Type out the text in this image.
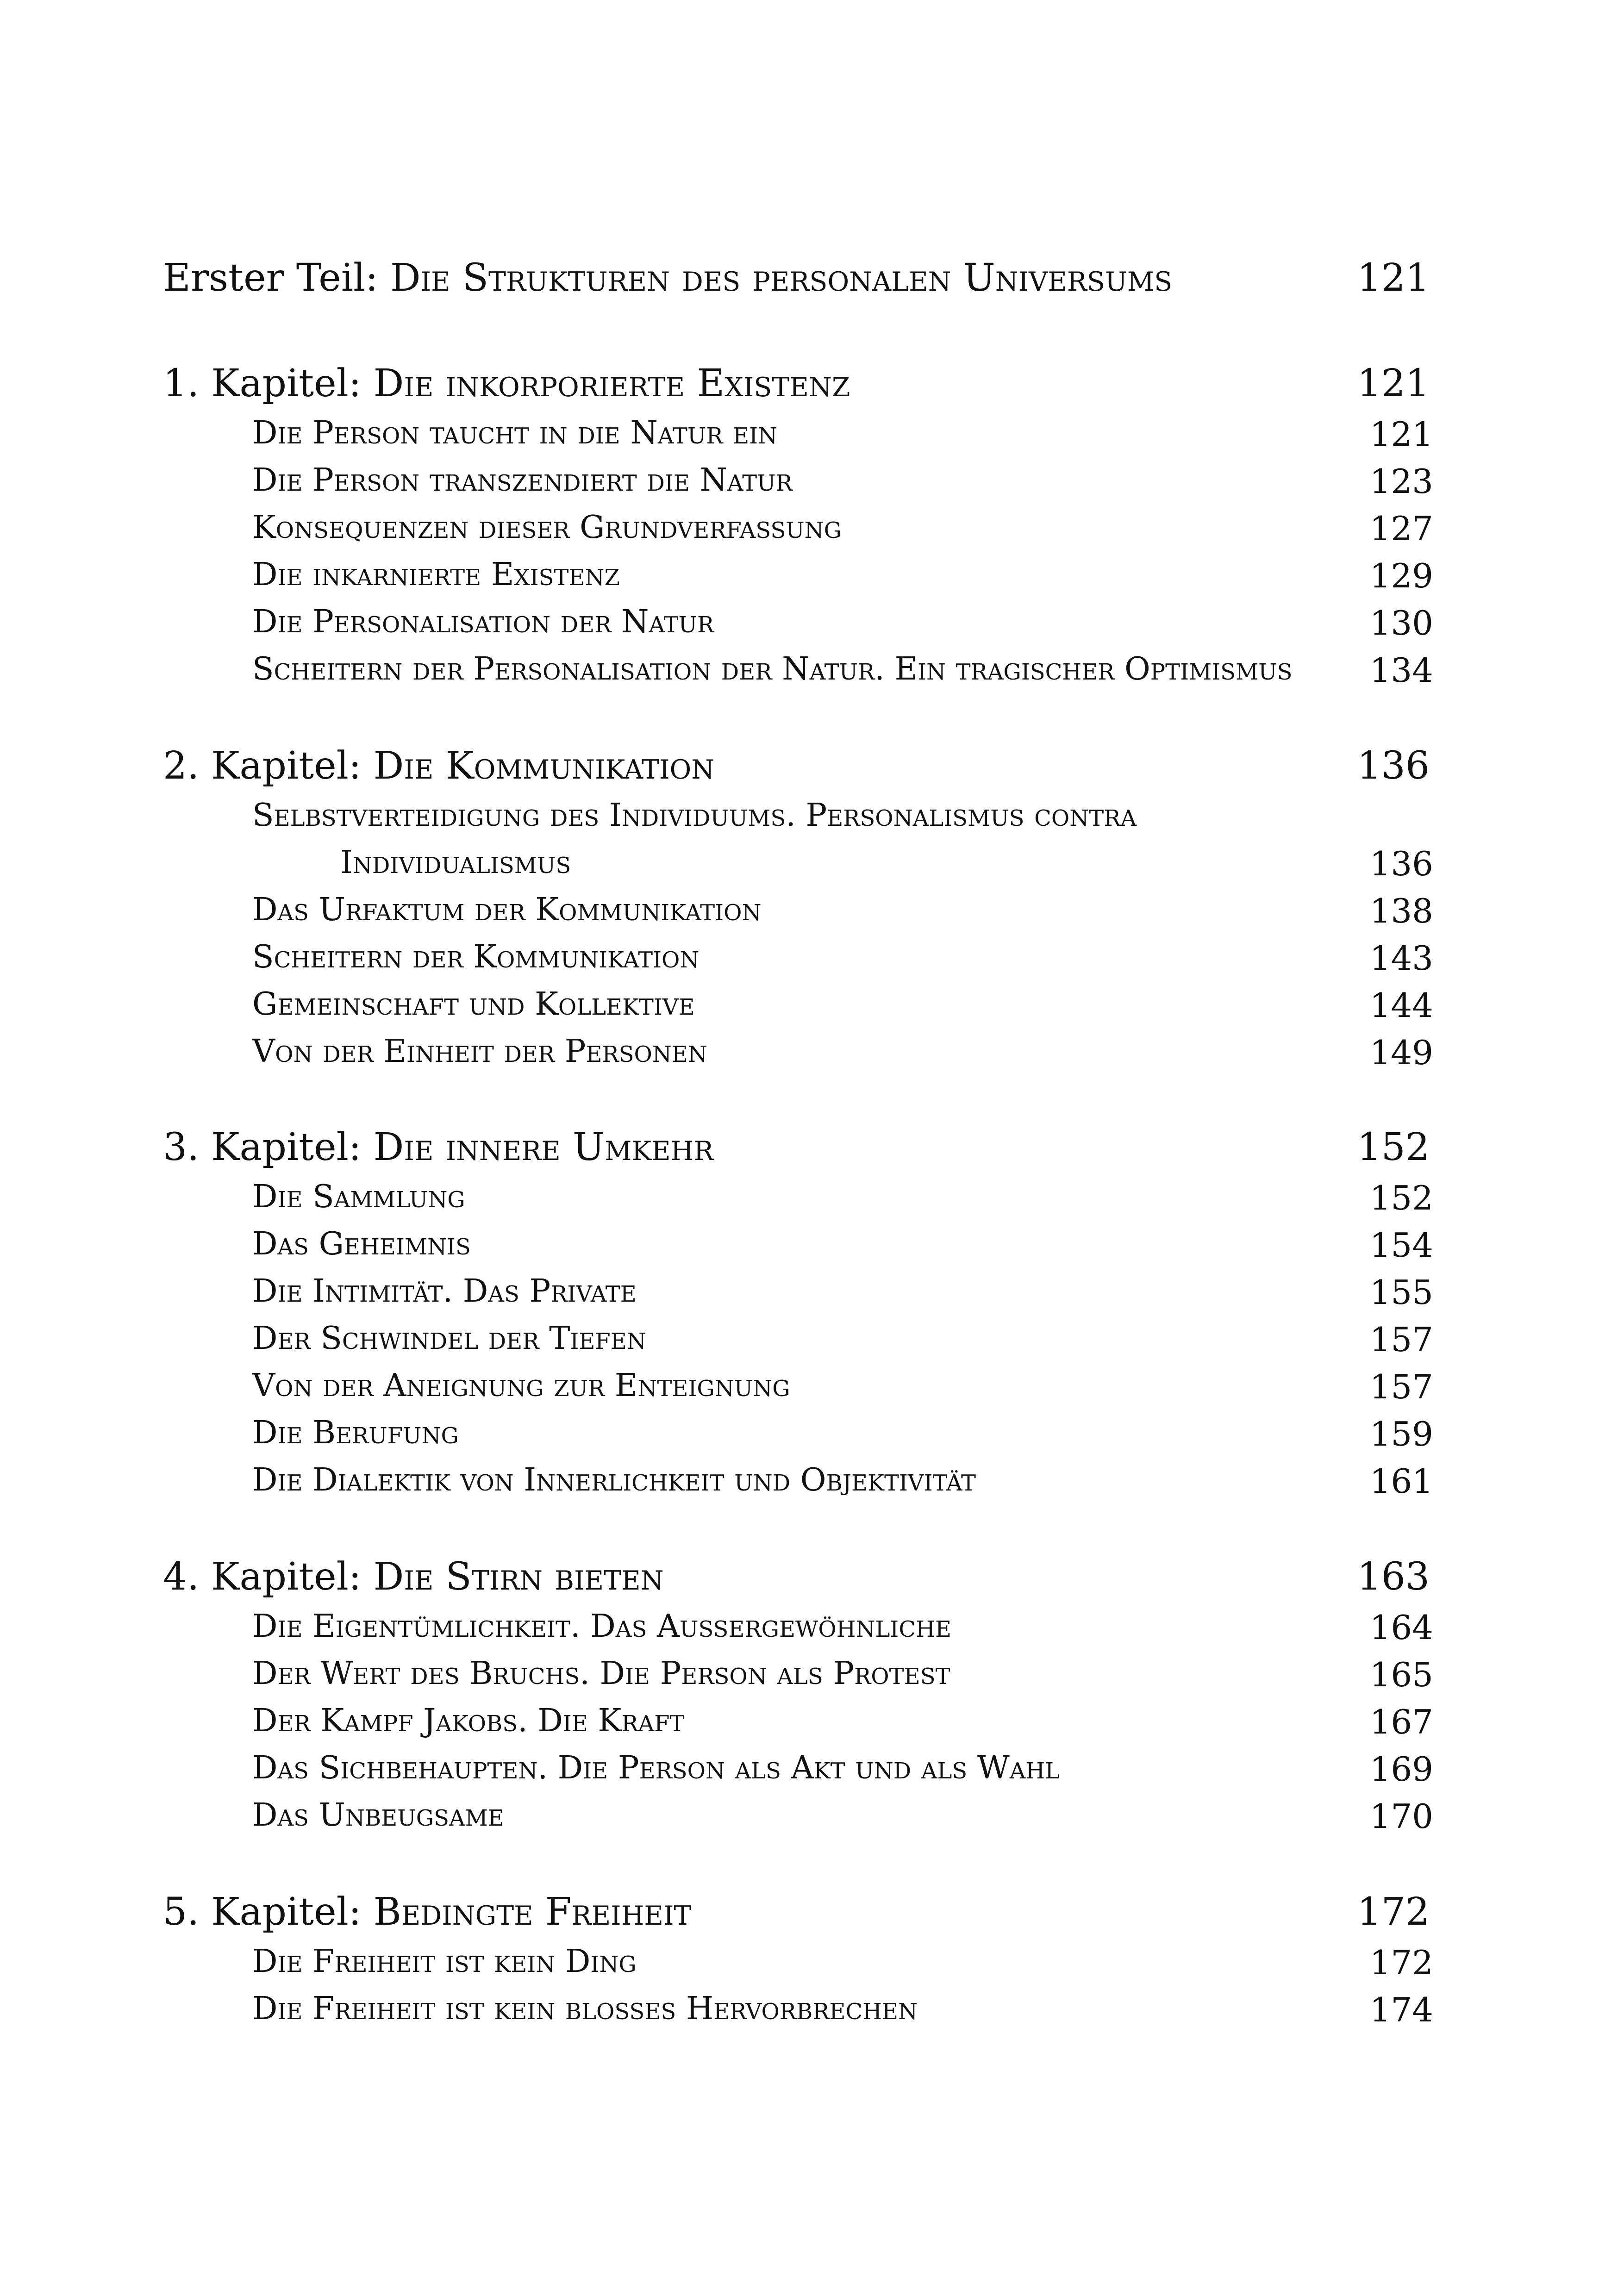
Erster Teil: Die Strukturen des personalen Universums	121
1. Kapitel: Die inkorporierte Existenz	121
Die Person taucht in die Natur ein	121
Die Person transzendiert die Natur	123
Konsequenzen dieser Grundverfassung	127
Die inkarnierte Existenz	129
Die Personalisation der Natur	130
Scheitern der Personalisation der Natur. Ein tragischer Optimismus 134
2. Kapitel: Die Kommunikation	136
Selbstverteidigung des Individuums. Personalismus contra
Individualismus	136
Das Urfaktum der Kommunikation	138
Scheitern der Kommunikation	143
Gemeinschaft und Kollektive	144
Von der Einheit der Personen	149
3. Kapitel: Die innere Umkehr	152
Die Sammlung	152
Das Geheimnis	154
Die Intimität. Das Private	155
Der Schwindel der Tiefen	157
Von der Aneignung zur Enteignung	157
Die Berufung	159
Die Dialektik von Innerlichkeit und Objektivität	161
4. Kapitel: Die Stirn bieten	163
Die Eigentümlichkeit. Das Aussergewöhnliche	164
Der Wert des Bruchs. Die Person als Protest	165
Der Kampf Jakobs. Die Kraft	167
Das Sichbehaupten. Die Person als Akt und als Wahl	169
Das Unbeugsame	170
5. Kapitel: Bedingte Freiheit	172
Die Freiheit ist kein Ding	172
Die Freiheit ist kein blosses Hervorbrechen	174
